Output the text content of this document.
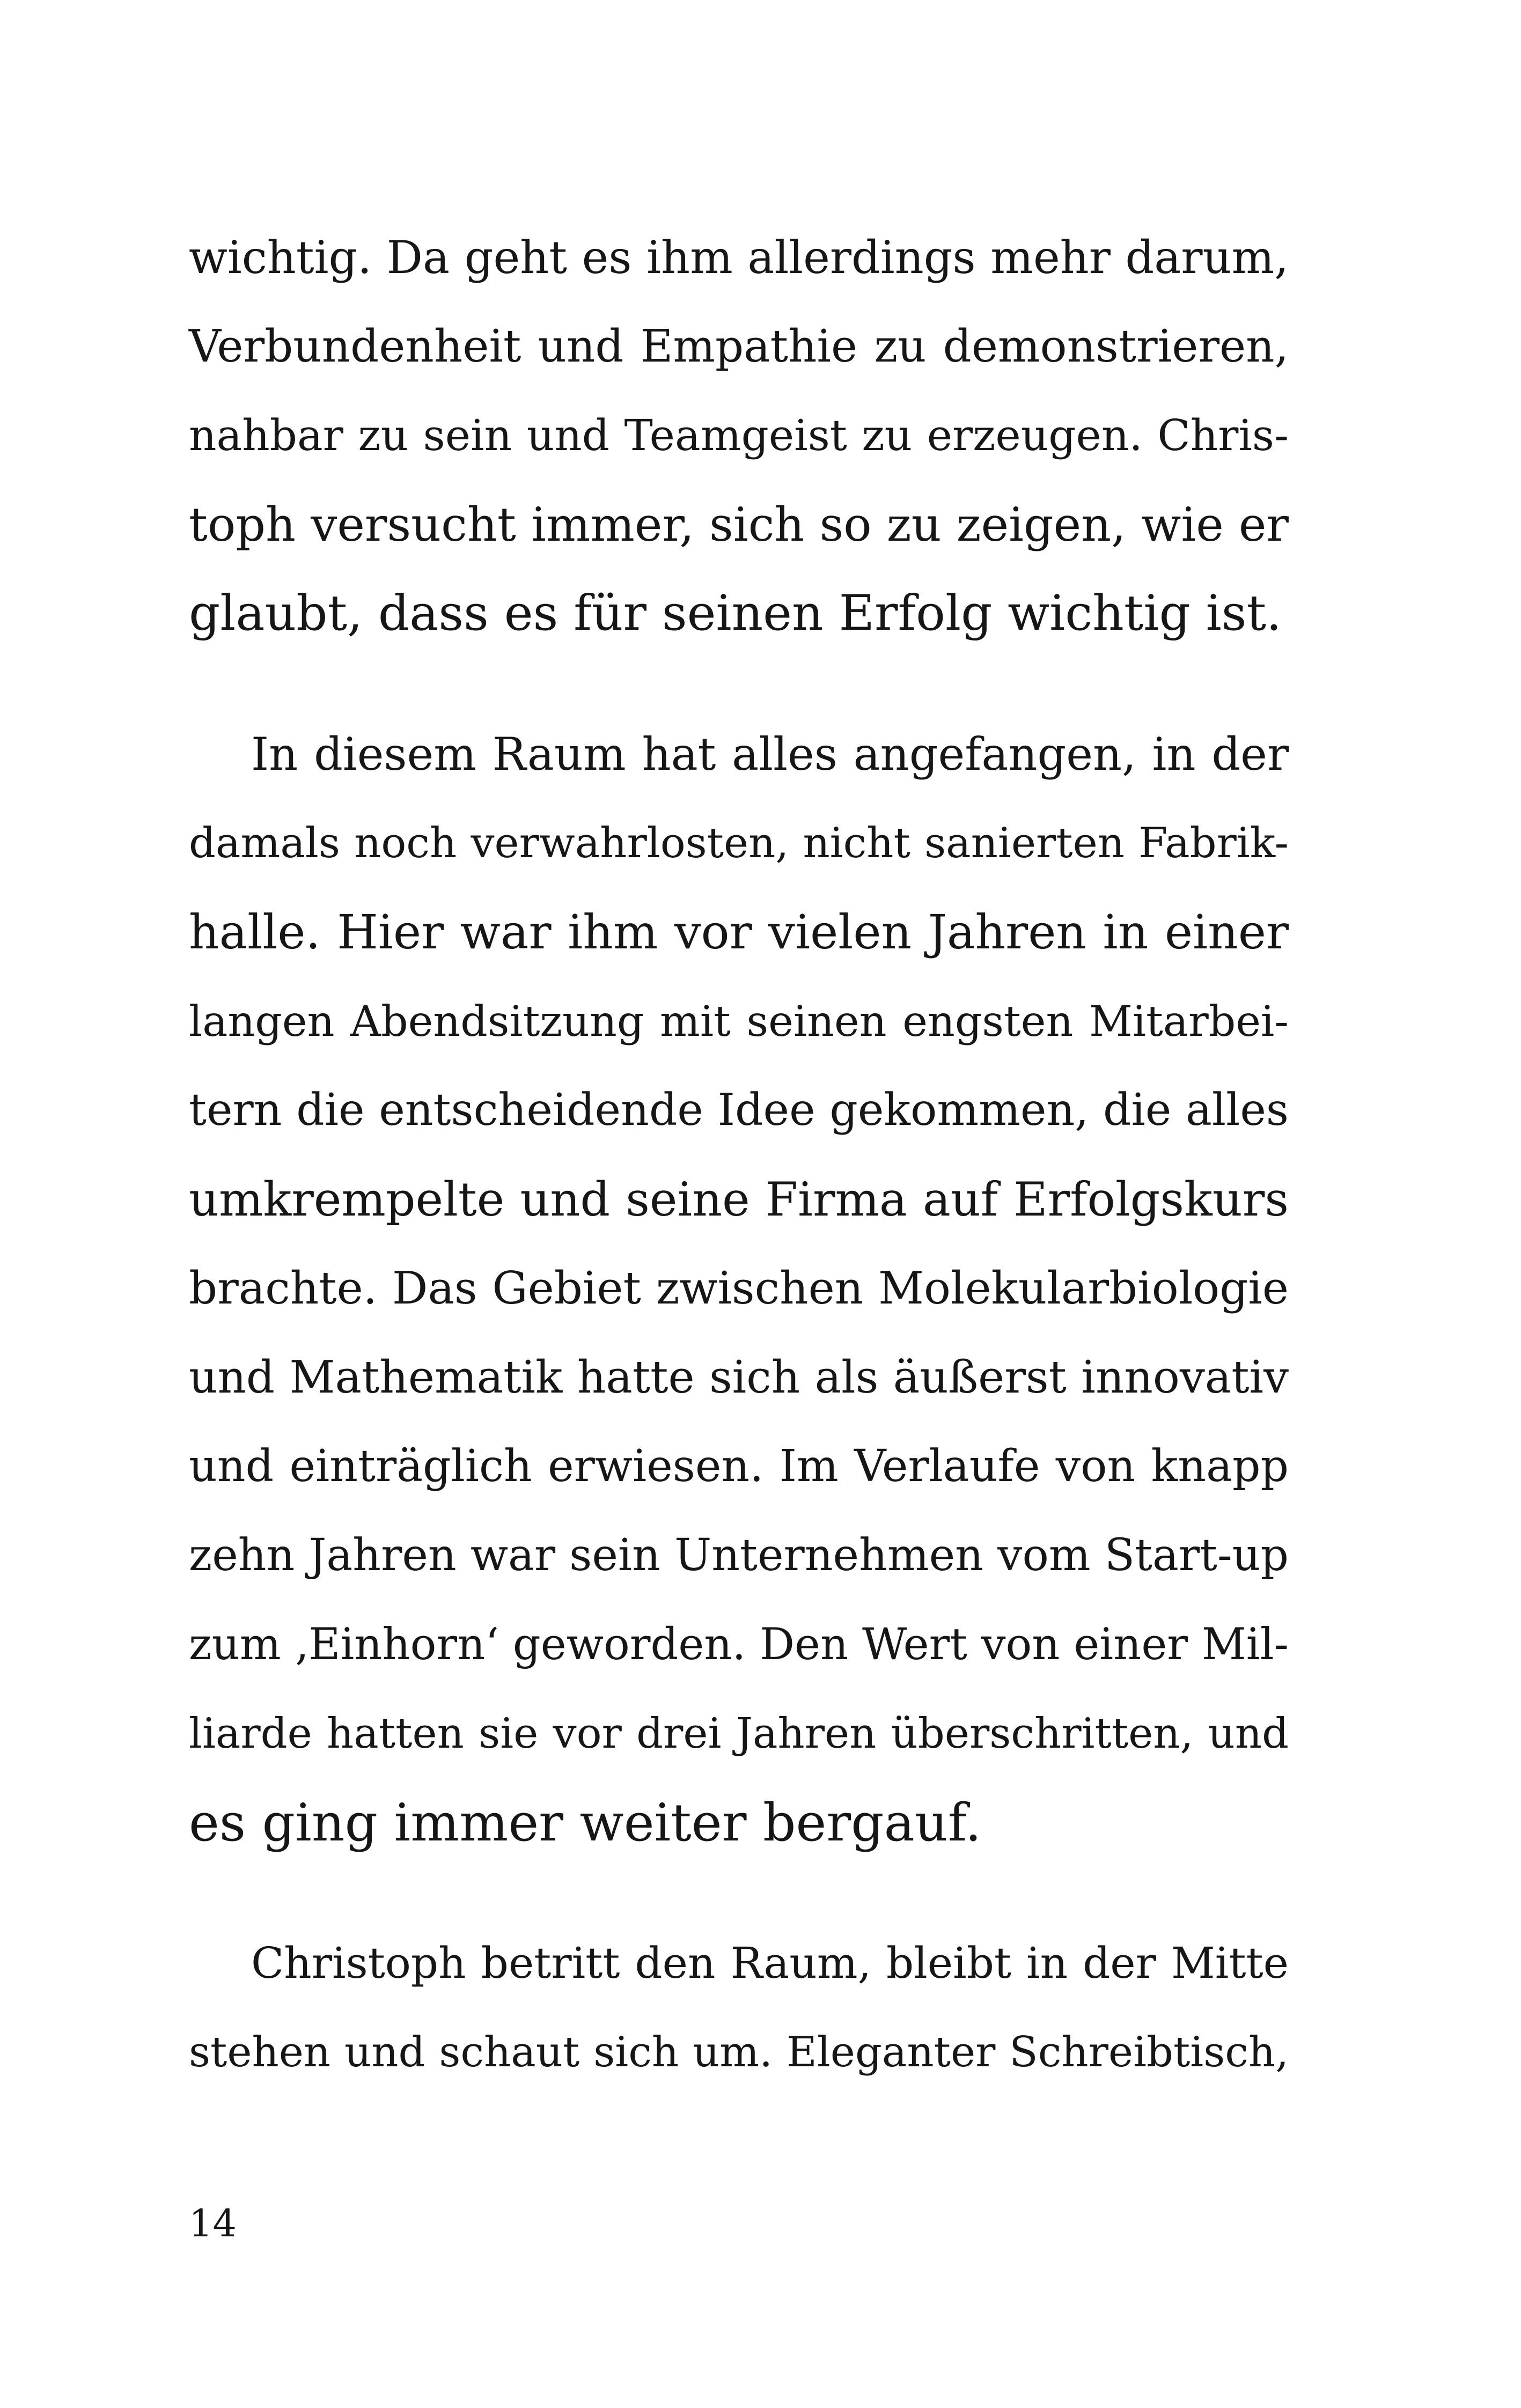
wichtig. Da geht es ihm allerdings mehr darum,
Verbundenheit und Empathie zu demonstrieren,
nahbar zu sein und Teamgeist zu erzeugen. Chris-
toph versucht immer, sich so zu zeigen, wie er
glaubt, dass es für seinen Erfolg wichtig ist.
In diesem Raum hat alles angefangen, in der
damals noch verwahrlosten, nicht sanierten Fabrik-
halle. Hier war ihm vor vielen Jahren in einer
langen Abendsitzung mit seinen engsten Mitarbei-
tern die entscheidende Idee gekommen, die alles
umkrempelte und seine Firma auf Erfolgskurs
brachte. Das Gebiet zwischen Molekularbiologie
und Mathematik hatte sich als äußerst innovativ
und einträglich erwiesen. Im Verlaufe von knapp
zehn Jahren war sein Unternehmen vom Start-up
zum ‚Einhorn‘ geworden. Den Wert von einer Mil-
liarde hatten sie vor drei Jahren überschritten, und
es ging immer weiter bergauf.
Christoph betritt den Raum, bleibt in der Mitte
stehen und schaut sich um. Eleganter Schreibtisch,
14
